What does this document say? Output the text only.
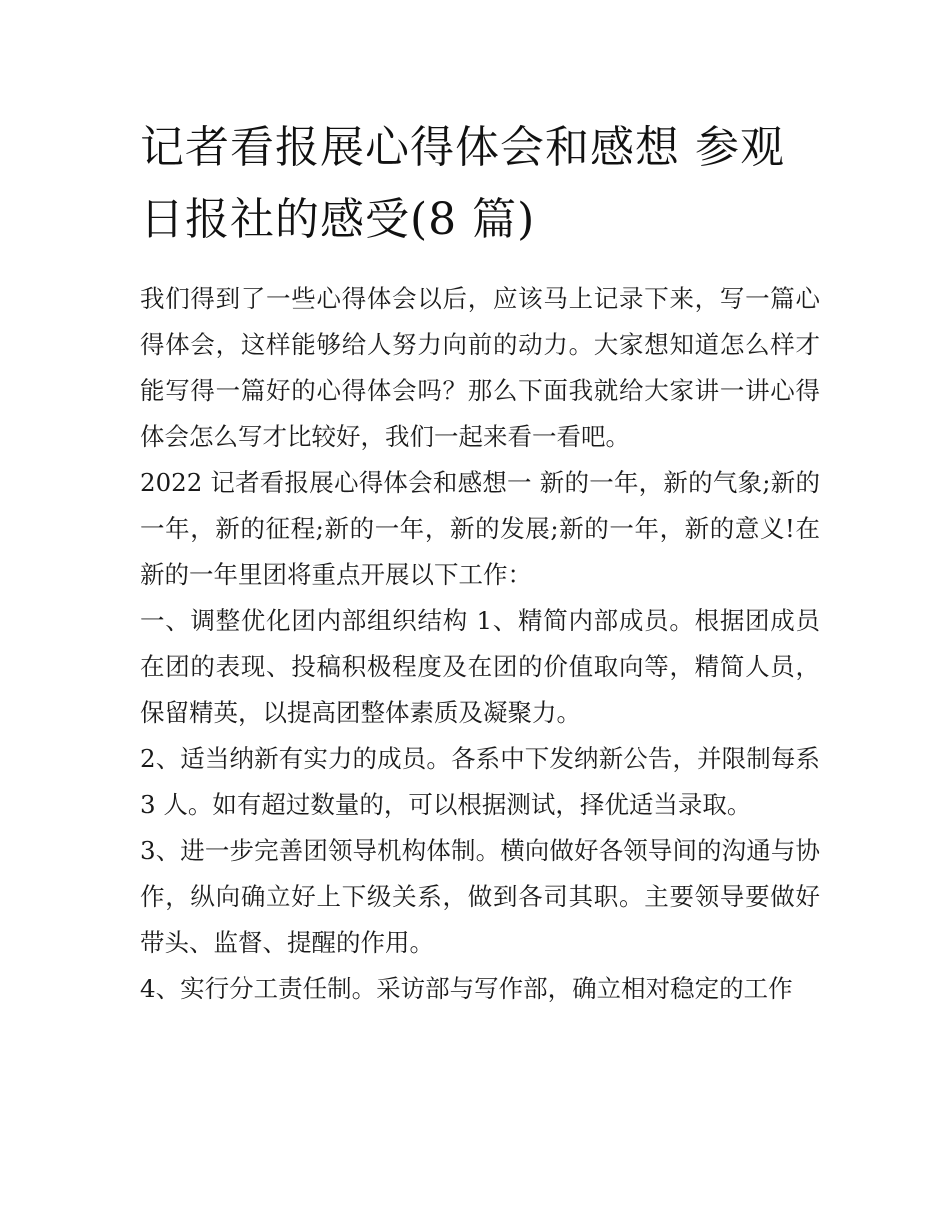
记者看报展心得体会和感想 参观日报社的感受(8 篇)

我们得到了一些心得体会以后，应该马上记录下来，写一篇心得体会，这样能够给人努力向前的动力。大家想知道怎么样才能写得一篇好的心得体会吗？那么下面我就给大家讲一讲心得体会怎么写才比较好，我们一起来看一看吧。

2022 记者看报展心得体会和感想一 新的一年，新的气象;新的一年，新的征程;新的一年，新的发展;新的一年，新的意义!在新的一年里团将重点开展以下工作：

一、调整优化团内部组织结构 1、精简内部成员。根据团成员在团的表现、投稿积极程度及在团的价值取向等，精简人员，保留精英，以提高团整体素质及凝聚力。

2、适当纳新有实力的成员。各系中下发纳新公告，并限制每系 3 人。如有超过数量的，可以根据测试，择优适当录取。

3、进一步完善团领导机构体制。横向做好各领导间的沟通与协作，纵向确立好上下级关系，做到各司其职。主要领导要做好带头、监督、提醒的作用。

4、实行分工责任制。采访部与写作部，确立相对稳定的工作
